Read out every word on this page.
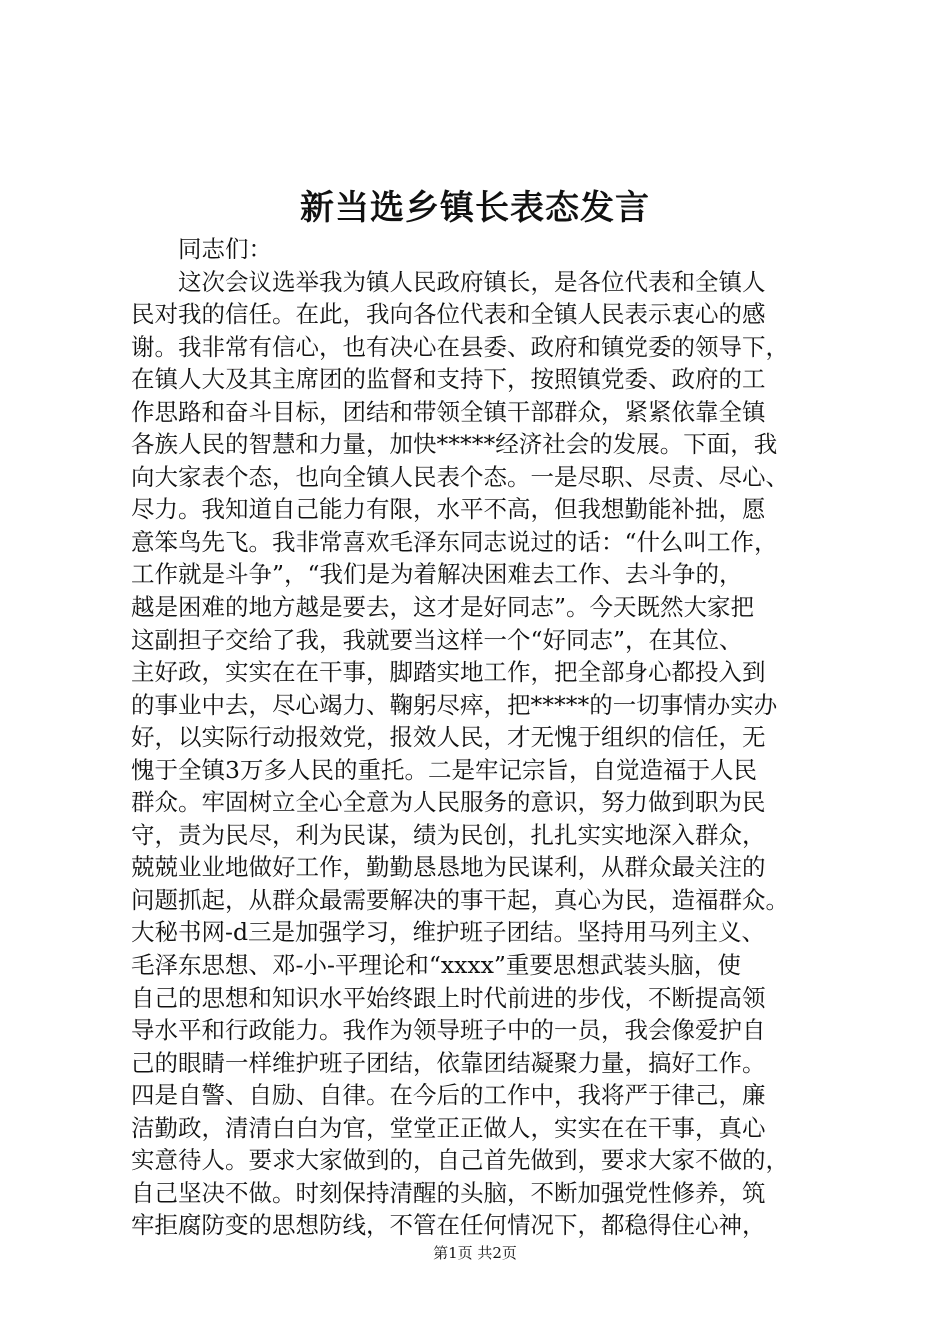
新当选乡镇长表态发言
同志们：
这次会议选举我为镇人民政府镇长，是各位代表和全镇人
民对我的信任。在此，我向各位代表和全镇人民表示衷心的感
谢。我非常有信心，也有决心在县委、政府和镇党委的领导下，
在镇人大及其主席团的监督和支持下，按照镇党委、政府的工
作思路和奋斗目标，团结和带领全镇干部群众，紧紧依靠全镇
各族人民的智慧和力量，加快*****经济社会的发展。下面，我
向大家表个态，也向全镇人民表个态。一是尽职、尽责、尽心、
尽力。我知道自己能力有限，水平不高，但我想勤能补拙，愿
意笨鸟先飞。我非常喜欢毛泽东同志说过的话：“什么叫工作，
工作就是斗争”，“我们是为着解决困难去工作、去斗争的，
越是困难的地方越是要去，这才是好同志”。今天既然大家把
这副担子交给了我，我就要当这样一个“好同志”，在其位、
主好政，实实在在干事，脚踏实地工作，把全部身心都投入到
的事业中去，尽心竭力、鞠躬尽瘁，把*****的一切事情办实办
好，以实际行动报效党，报效人民，才无愧于组织的信任，无
愧于全镇3万多人民的重托。二是牢记宗旨，自觉造福于人民
群众。牢固树立全心全意为人民服务的意识，努力做到职为民
守，责为民尽，利为民谋，绩为民创，扎扎实实地深入群众，
兢兢业业地做好工作，勤勤恳恳地为民谋利，从群众最关注的
问题抓起，从群众最需要解决的事干起，真心为民，造福群众。
大秘书网-d三是加强学习，维护班子团结。坚持用马列主义、
毛泽东思想、邓-小-平理论和“xxxx”重要思想武装头脑，使
自己的思想和知识水平始终跟上时代前进的步伐，不断提高领
导水平和行政能力。我作为领导班子中的一员，我会像爱护自
己的眼睛一样维护班子团结，依靠团结凝聚力量，搞好工作。
四是自警、自励、自律。在今后的工作中，我将严于律己，廉
洁勤政，清清白白为官，堂堂正正做人，实实在在干事，真心
实意待人。要求大家做到的，自己首先做到，要求大家不做的，
自己坚决不做。时刻保持清醒的头脑，不断加强党性修养，筑
牢拒腐防变的思想防线，不管在任何情况下，都稳得住心神，
第1页 共2页
